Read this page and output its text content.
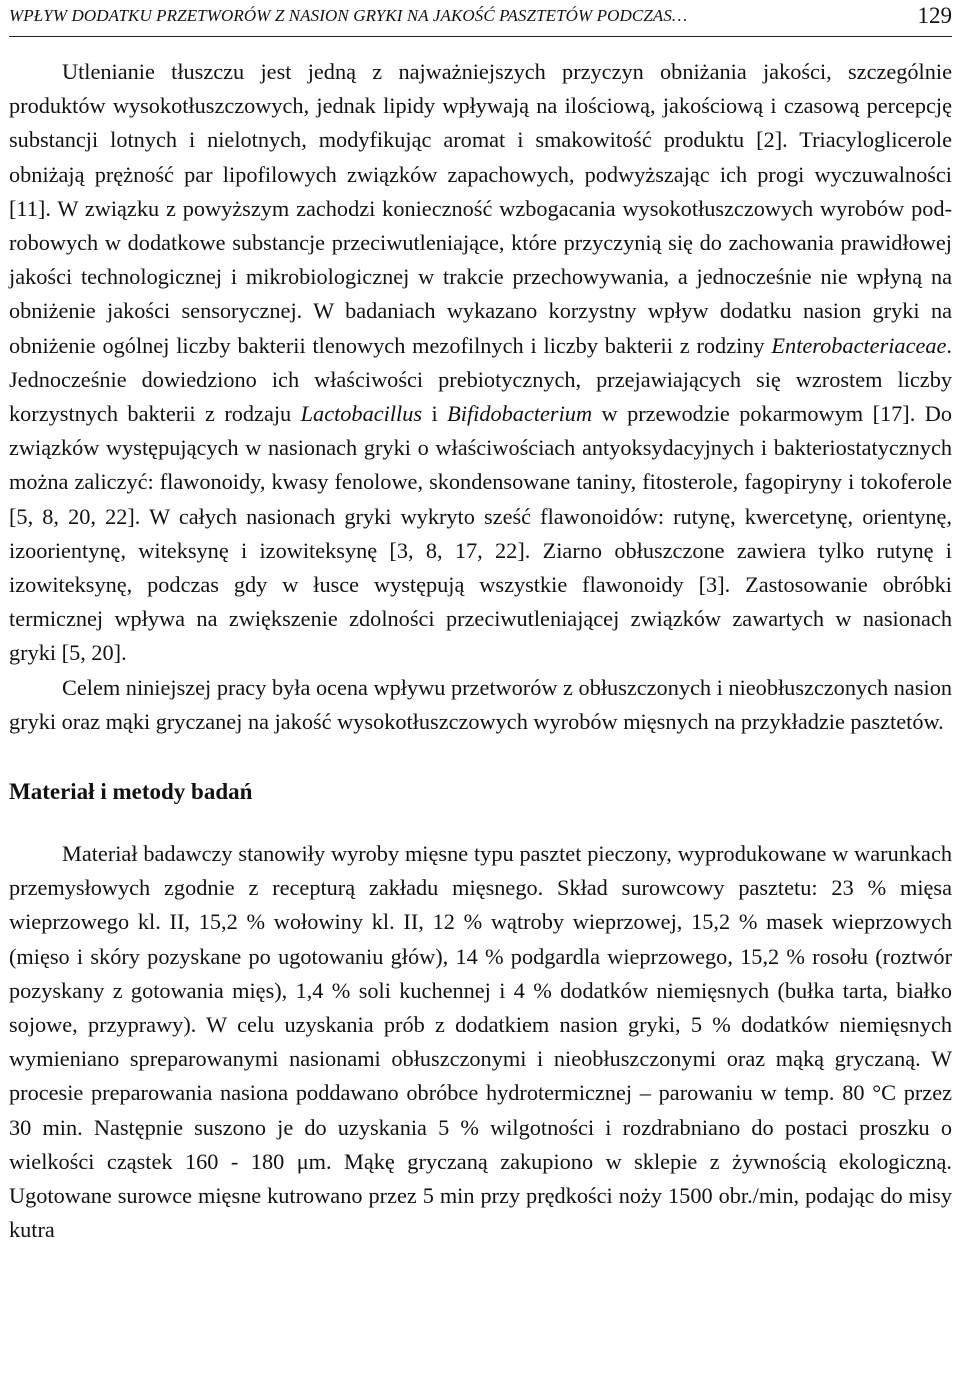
WPŁYW DODATKU PRZETWORÓW Z NASION GRYKI NA JAKOŚĆ PASZTETÓW PODCZAS…	129

Utlenianie tłuszczu jest jedną z najważniejszych przyczyn obniżania jakości, szczególnie produktów wysokotłuszczowych, jednak lipidy wpływają na ilościową, jakościową i czasową percepcję substancji lotnych i nielotnych, modyfikując aromat i smakowitość produktu [2]. Triacyloglicerole obniżają prężność par lipofilowych związków zapachowych, podwyższając ich progi wyczuwalności [11]. W związku z powyższym zachodzi konieczność wzbogacania wysokotłuszczowych wyrobów podrobowych w dodatkowe substancje przeciwutleniające, które przyczynią się do zachowania prawidłowej jakości technologicznej i mikrobiologicznej w trakcie przechowywania, a jednocześnie nie wpłyną na obniżenie jakości sensorycznej. W badaniach wykazano korzystny wpływ dodatku nasion gryki na obniżenie ogólnej liczby bakterii tlenowych mezofilnych i liczby bakterii z rodziny Enterobacteriaceae. Jednocześnie dowiedziono ich właściwości prebiotycznych, przejawiających się wzrostem liczby korzystnych bakterii z rodzaju Lactobacillus i Bifidobacterium w przewodzie pokarmowym [17]. Do związków występujących w nasionach gryki o właściwościach antyoksydacyjnych i bakteriostatycznych można zaliczyć: flawonoidy, kwasy fenolowe, skondensowane taniny, fitosterole, fagopiryny i tokoferole [5, 8, 20, 22]. W całych nasionach gryki wykryto sześć flawonoidów: rutynę, kwercetynę, orientynę, izoorientynę, witeksynę i izowiteksynę [3, 8, 17, 22]. Ziarno obłuszczone zawiera tylko rutynę i izowiteksynę, podczas gdy w łusce występują wszystkie flawonoidy [3]. Zastosowanie obróbki termicznej wpływa na zwiększenie zdolności przeciwutleniającej związków zawartych w nasionach gryki [5, 20].

Celem niniejszej pracy była ocena wpływu przetworów z obłuszczonych i nieobłuszczonych nasion gryki oraz mąki gryczanej na jakość wysokotłuszczowych wyrobów mięsnych na przykładzie pasztetów.

Materiał i metody badań

Materiał badawczy stanowiły wyroby mięsne typu pasztet pieczony, wyprodukowane w warunkach przemysłowych zgodnie z recepturą zakładu mięsnego. Skład surowcowy pasztetu: 23 % mięsa wieprzowego kl. II, 15,2 % wołowiny kl. II, 12 % wątroby wieprzowej, 15,2 % masek wieprzowych (mięso i skóry pozyskane po ugotowaniu głów), 14 % podgardla wieprzowego, 15,2 % rosołu (roztwór pozyskany z gotowania mięs), 1,4 % soli kuchennej i 4 % dodatków niemięsnych (bułka tarta, białko sojowe, przyprawy). W celu uzyskania prób z dodatkiem nasion gryki, 5 % dodatków niemięsnych wymieniano spreparowanymi nasionami obłuszczonymi i nieobłuszczonymi oraz mąką gryczaną. W procesie preparowania nasiona poddawano obróbce hydrotermicznej – parowaniu w temp. 80 °C przez 30 min. Następnie suszono je do uzyskania 5 % wilgotności i rozdrabniano do postaci proszku o wielkości cząstek 160 - 180 μm. Mąkę gryczaną zakupiono w sklepie z żywnością ekologiczną. Ugotowane surowce mięsne kutrowano przez 5 min przy prędkości noży 1500 obr./min, podając do misy kutra
